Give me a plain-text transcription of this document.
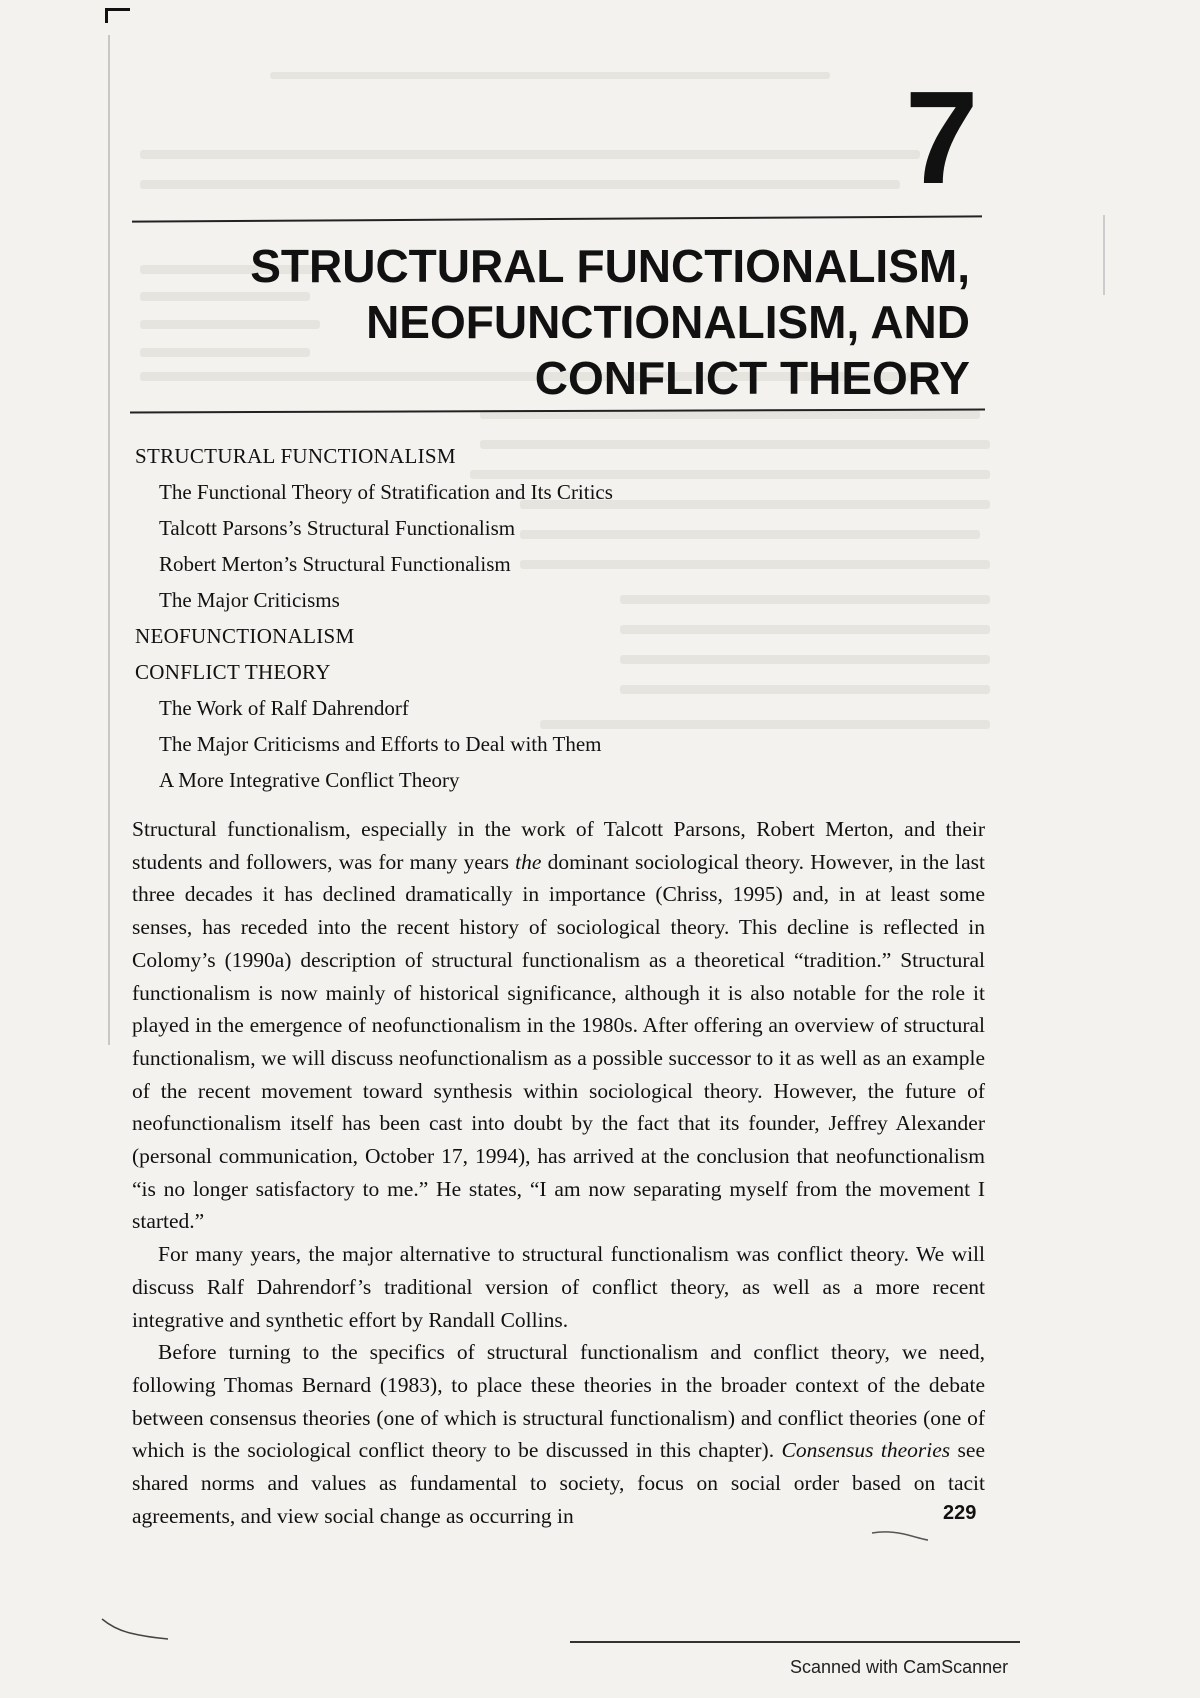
7
STRUCTURAL FUNCTIONALISM,
NEOFUNCTIONALISM, AND
CONFLICT THEORY
STRUCTURAL FUNCTIONALISM
The Functional Theory of Stratification and Its Critics
Talcott Parsons’s Structural Functionalism
Robert Merton’s Structural Functionalism
The Major Criticisms
NEOFUNCTIONALISM
CONFLICT THEORY
The Work of Ralf Dahrendorf
The Major Criticisms and Efforts to Deal with Them
A More Integrative Conflict Theory

Structural functionalism, especially in the work of Talcott Parsons, Robert Merton, and their students and followers, was for many years the dominant sociological theory. However, in the last three decades it has declined dramatically in importance (Chriss, 1995) and, in at least some senses, has receded into the recent history of sociological theory. This decline is reflected in Colomy’s (1990a) description of structural functionalism as a theoretical “tradition.” Structural functionalism is now mainly of historical significance, although it is also notable for the role it played in the emergence of neofunctionalism in the 1980s. After offering an overview of structural functionalism, we will discuss neofunctionalism as a possible successor to it as well as an example of the recent movement toward synthesis within sociological theory. However, the future of neofunctionalism itself has been cast into doubt by the fact that its founder, Jeffrey Alexander (personal communication, October 17, 1994), has arrived at the conclusion that neofunctionalism “is no longer satisfactory to me.” He states, “I am now separating myself from the movement I started.”

For many years, the major alternative to structural functionalism was conflict theory. We will discuss Ralf Dahrendorf’s traditional version of conflict theory, as well as a more recent integrative and synthetic effort by Randall Collins.

Before turning to the specifics of structural functionalism and conflict theory, we need, following Thomas Bernard (1983), to place these theories in the broader context of the debate between consensus theories (one of which is structural functionalism) and conflict theories (one of which is the sociological conflict theory to be discussed in this chapter). Consensus theories see shared norms and values as fundamental to society, focus on social order based on tacit agreements, and view social change as occurring in	229
Scanned with CamScanner
